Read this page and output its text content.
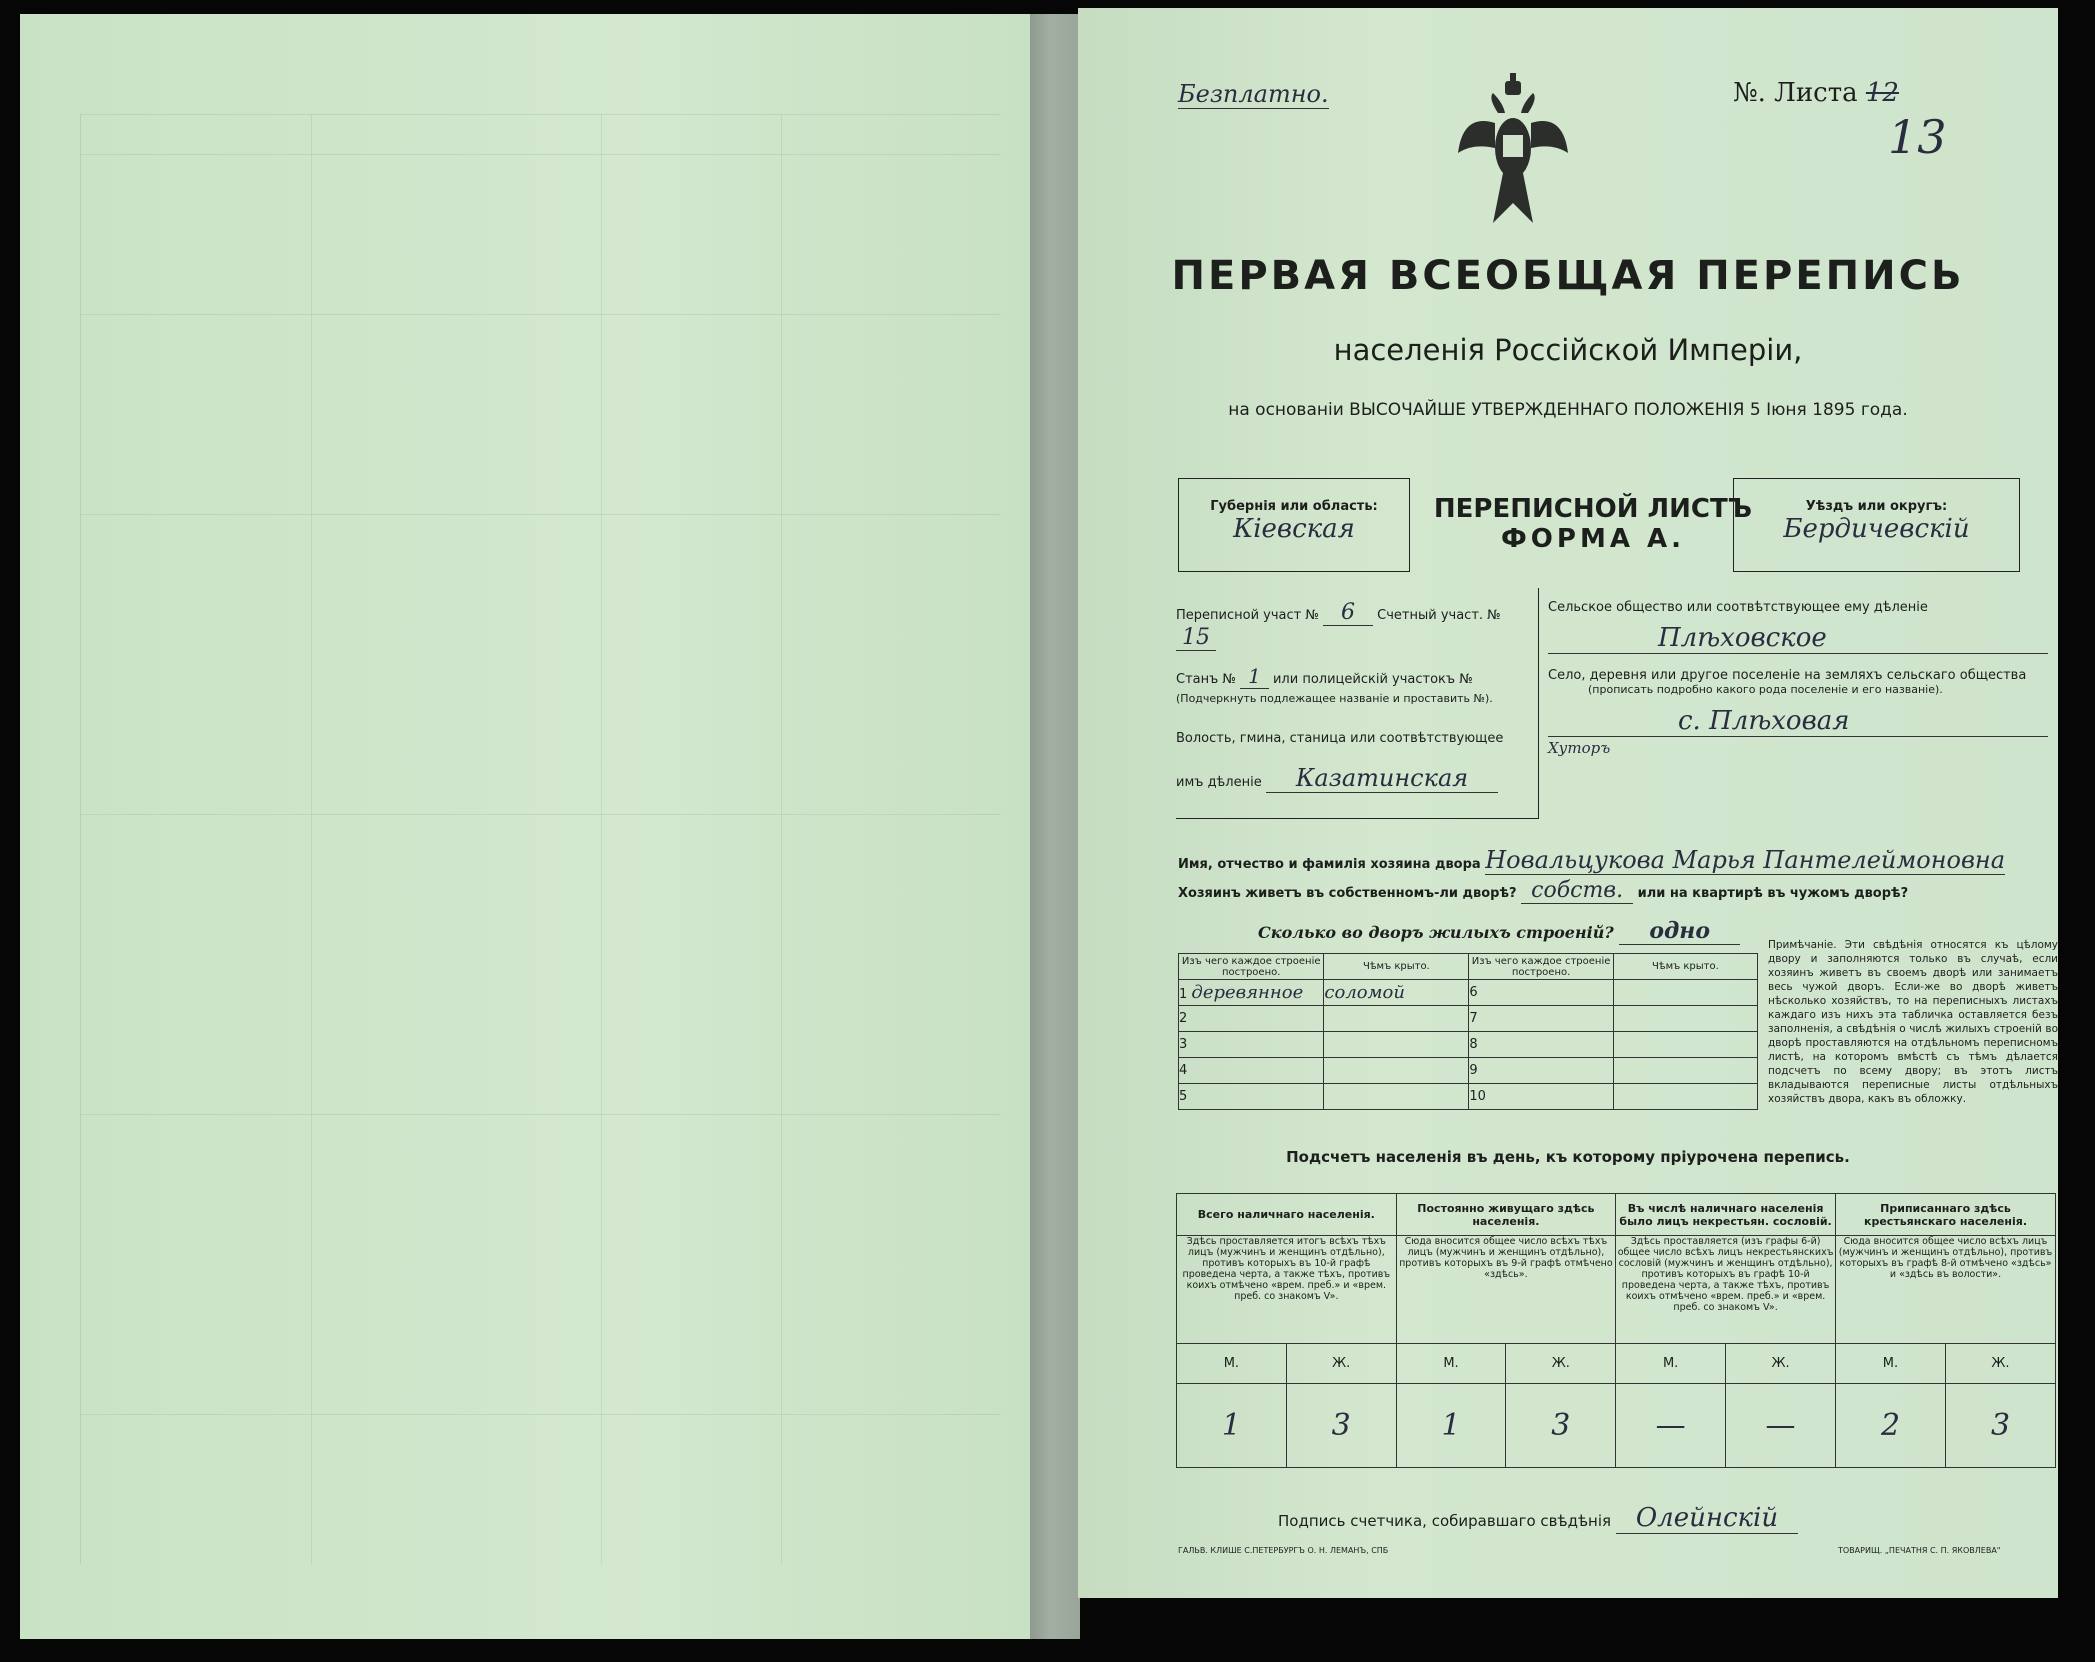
Безплатно.	№. Листа 12
13
ПЕРВАЯ ВСЕОБЩАЯ ПЕРЕПИСЬ
населенія Россійской Имперіи,
на основаніи ВЫСОЧАЙШЕ УТВЕРЖДЕННАГО ПОЛОЖЕНІЯ 5 Іюня 1895 года.
Губернія или область:
Кіевская
ПЕРЕПИСНОЙ ЛИСТЪ
ФОРМА А.
Уѣздъ или округъ:
Бердичевскій
Переписной участ № 6 Счетный участ. № 15
Станъ № 1 или полицейскій участокъ №
(Подчеркнуть подлежащее названіе и проставить №).
Волость, гмина, станица или соотвѣтствующее
имъ дѣленіе Казатинская
Сельское общество или соотвѣтствующее ему дѣленіе
Плѣховское
Село, деревня или другое поселеніе на земляхъ сельскаго общества
(прописать подробно какого рода поселеніе и его названіе).
с. Плѣховая
Хуторъ
Имя, отчество и фамилія хозяина двора Новальцукова Марья Пантелеймоновна
Хозяинъ живетъ въ собственномъ-ли дворѣ? собств. или на квартирѣ въ чужомъ дворѣ?
Сколько во дворъ жилыхъ строеній? одно
Изъ чего каждое строеніе построено.	Чѣмъ крыто.	Изъ чего каждое строеніе построено.	Чѣмъ крыто.
1 деревянное	соломой	6	
2		7	
3		8	
4		9	
5		10	
Примѣчаніе. Эти свѣдѣнія относятся къ цѣлому двору и заполняются только въ случаѣ, если хозяинъ живетъ въ своемъ дворѣ или занимаетъ весь чужой дворъ. Если-же во дворѣ живетъ нѣсколько хозяйствъ, то на переписныхъ листахъ каждаго изъ нихъ эта табличка оставляется безъ заполненія, а свѣдѣнія о числѣ жилыхъ строеній во дворѣ проставляются на отдѣльномъ переписномъ листѣ, на которомъ вмѣстѣ съ тѣмъ дѣлается подсчетъ по всему двору; въ этотъ листъ вкладываются переписные листы отдѣльныхъ хозяйствъ двора, какъ въ обложку.
Подсчетъ населенія въ день, къ которому пріурочена перепись.
Всего наличнаго населенія.		Постоянно живущаго здѣсь населенія.		Въ числѣ наличнаго населенія было лицъ некрестьян. сословій.		Приписаннаго здѣсь крестьянскаго населенія.	
Здѣсь проставляется итогъ всѣхъ тѣхъ лицъ (мужчинъ и женщинъ отдѣльно), противъ которыхъ въ 10-й графѣ проведена черта, а также тѣхъ, противъ коихъ отмѣчено «врем. преб.» и «врем. преб. со знакомъ V».		Сюда вносится общее число всѣхъ тѣхъ лицъ (мужчинъ и женщинъ отдѣльно), противъ которыхъ въ 9-й графѣ отмѣчено «здѣсь».		Здѣсь проставляется (изъ графы 6-й) общее число всѣхъ лицъ некрестьянскихъ сословій (мужчинъ и женщинъ отдѣльно), противъ которыхъ въ графѣ 10-й проведена черта, а также тѣхъ, противъ коихъ отмѣчено «врем. преб.» и «врем. преб. со знакомъ V».		Сюда вносится общее число всѣхъ лицъ (мужчинъ и женщинъ отдѣльно), противъ которыхъ въ графѣ 8-й отмѣчено «здѣсь» и «здѣсь въ волости».	
М.	Ж.	М.	Ж.	М.	Ж.	М.	Ж.
1	3	1	3	—	—	2	3
Подпись счетчика, собиравшаго свѣдѣнія Олейнскій
ГАЛЬВ. КЛИШЕ С.ПЕТЕРБУРГЪ О. Н. ЛЕМАНЪ, СПБ	ТОВАРИЩ. „ПЕЧАТНЯ С. П. ЯКОВЛЕВА"
